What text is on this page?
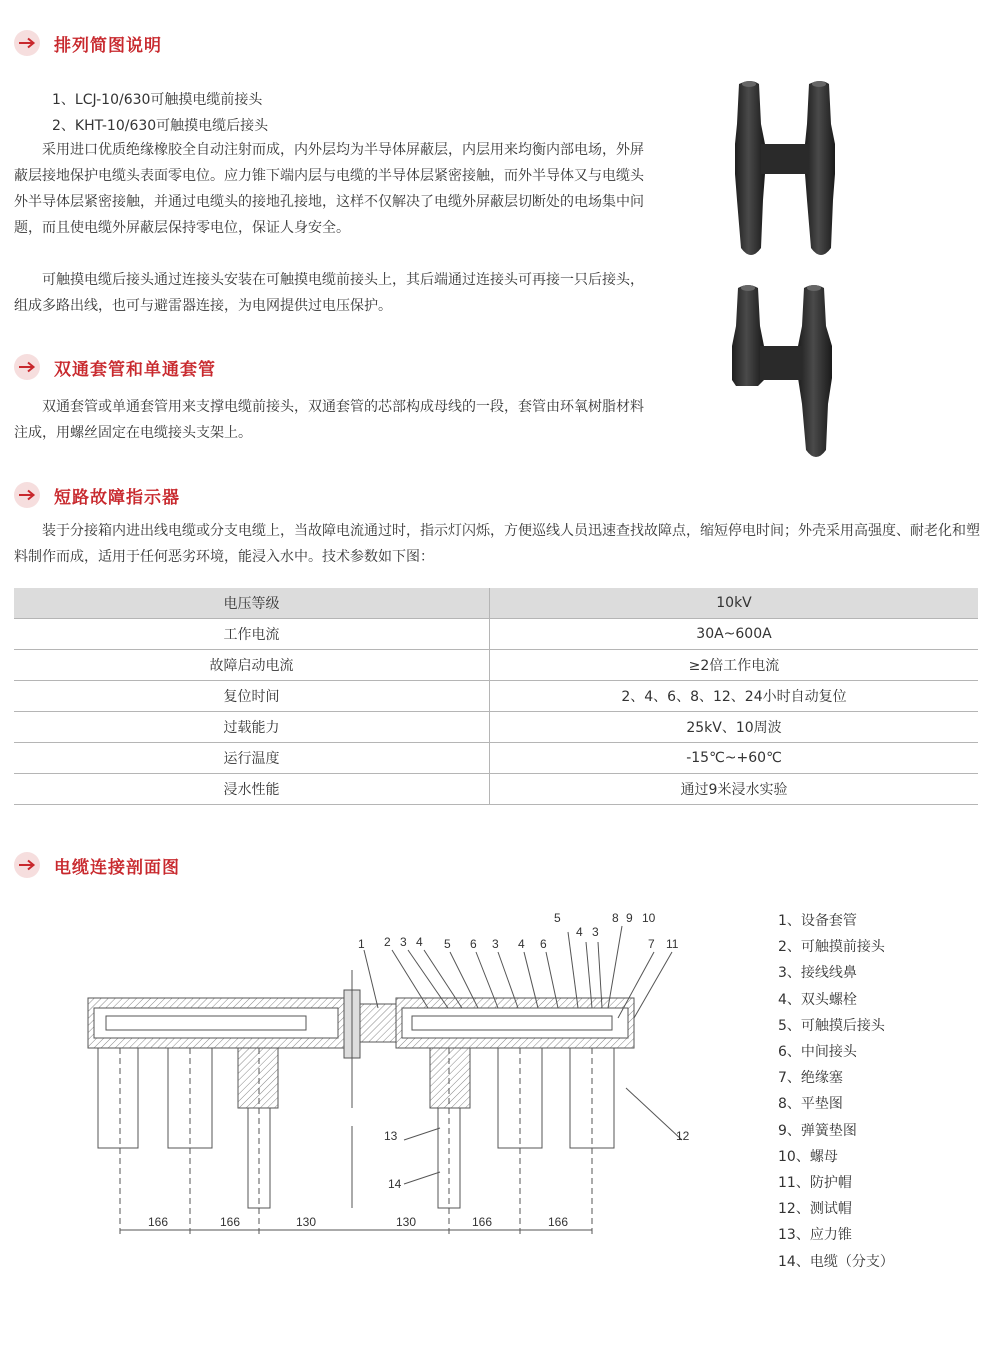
排列简图说明
1、LCJ-10/630可触摸电缆前接头
2、KHT-10/630可触摸电缆后接头

采用进口优质绝缘橡胶全自动注射而成，内外层均为半导体屏蔽层，内层用来均衡内部电场，外屏蔽层接地保护电缆头表面零电位。应力锥下端内层与电缆的半导体层紧密接触，而外半导体又与电缆头外半导体层紧密接触，并通过电缆头的接地孔接地，这样不仅解决了电缆外屏蔽层切断处的电场集中问题，而且使电缆外屏蔽层保持零电位，保证人身安全。

可触摸电缆后接头通过连接头安装在可触摸电缆前接头上，其后端通过连接头可再接一只后接头，组成多路出线，也可与避雷器连接，为电网提供过电压保护。

双通套管和单通套管

双通套管或单通套管用来支撑电缆前接头，双通套管的芯部构成母线的一段，套管由环氧树脂材料注成，用螺丝固定在电缆接头支架上。

短路故障指示器

装于分接箱内进出线电缆或分支电缆上，当故障电流通过时，指示灯闪烁，方便巡线人员迅速查找故障点，缩短停电时间；外壳采用高强度、耐老化和塑料制作而成，适用于任何恶劣环境，能浸入水中。技术参数如下图：

电压等级	10kV
工作电流	30A~600A
故障启动电流	≥2倍工作电流
复位时间	2、4、6、8、12、24小时自动复位
过载能力	25kV、10周波
运行温度	-15℃~+60℃
浸水性能	通过9米浸水实验
电缆连接剖面图
1 2 3 4 5 6 3 4 6
5
4 3
8 9 10
7 11
12
13
14
166	166	130	130	166	166
1、设备套管
2、可触摸前接头
3、接线线鼻
4、双头螺栓
5、可触摸后接头
6、中间接头
7、绝缘塞
8、平垫图
9、弹簧垫图
10、螺母
11、防护帽
12、测试帽
13、应力锥
14、电缆（分支）
